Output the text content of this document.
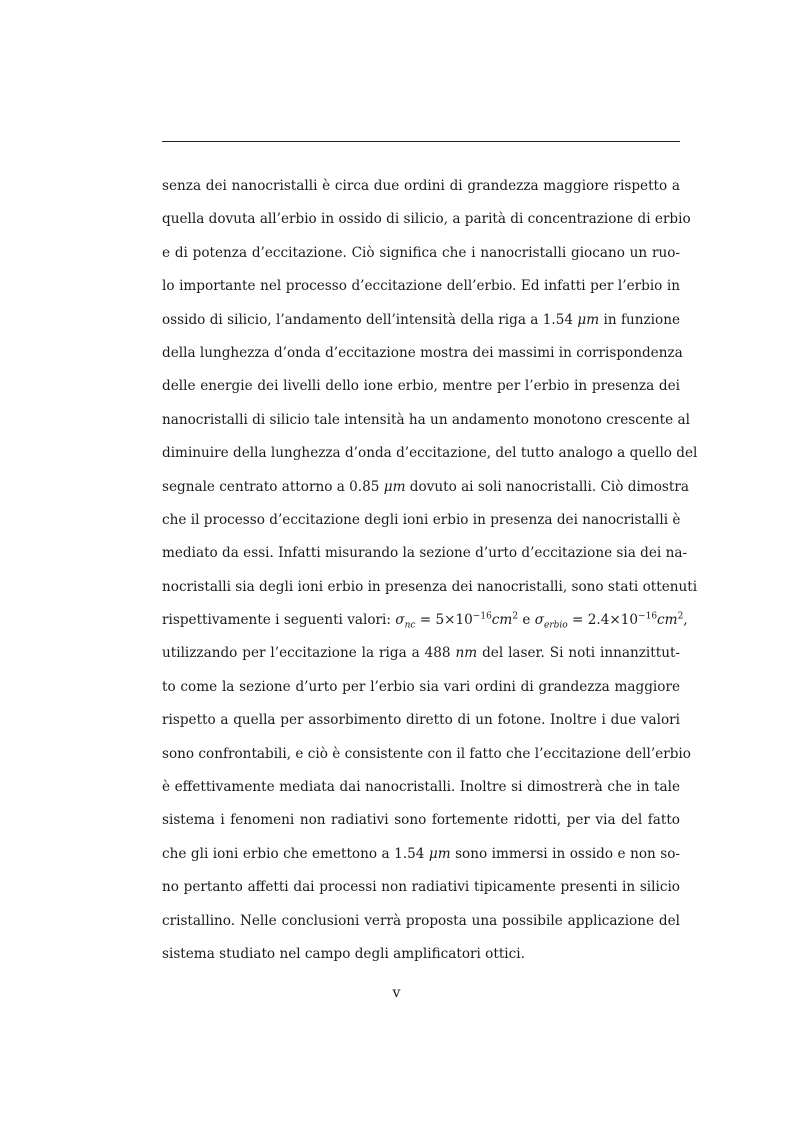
senza dei nanocristalli è circa due ordini di grandezza maggiore rispetto a
quella dovuta all’erbio in ossido di silicio, a parità di concentrazione di erbio
e di potenza d’eccitazione. Ciò significa che i nanocristalli giocano un ruo-
lo importante nel processo d’eccitazione dell’erbio. Ed infatti per l’erbio in
ossido di silicio, l’andamento dell’intensità della riga a 1.54 μm in funzione
della lunghezza d’onda d’eccitazione mostra dei massimi in corrispondenza
delle energie dei livelli dello ione erbio, mentre per l’erbio in presenza dei
nanocristalli di silicio tale intensità ha un andamento monotono crescente al
diminuire della lunghezza d’onda d’eccitazione, del tutto analogo a quello del
segnale centrato attorno a 0.85 μm dovuto ai soli nanocristalli. Ciò dimostra
che il processo d’eccitazione degli ioni erbio in presenza dei nanocristalli è
mediato da essi. Infatti misurando la sezione d’urto d’eccitazione sia dei na-
nocristalli sia degli ioni erbio in presenza dei nanocristalli, sono stati ottenuti
rispettivamente i seguenti valori: $\sigma_{nc} = 5\times 10^{-16}cm^2$ e $\sigma_{erbio} = 2.4\times 10^{-16}cm^2$,
utilizzando per l’eccitazione la riga a 488 nm del laser. Si noti innanzittut-
to come la sezione d’urto per l’erbio sia vari ordini di grandezza maggiore
rispetto a quella per assorbimento diretto di un fotone. Inoltre i due valori
sono confrontabili, e ciò è consistente con il fatto che l’eccitazione dell’erbio
è effettivamente mediata dai nanocristalli. Inoltre si dimostrerà che in tale
sistema i fenomeni non radiativi sono fortemente ridotti, per via del fatto
che gli ioni erbio che emettono a 1.54 μm sono immersi in ossido e non so-
no pertanto affetti dai processi non radiativi tipicamente presenti in silicio
cristallino. Nelle conclusioni verrà proposta una possibile applicazione del
sistema studiato nel campo degli amplificatori ottici.
v
